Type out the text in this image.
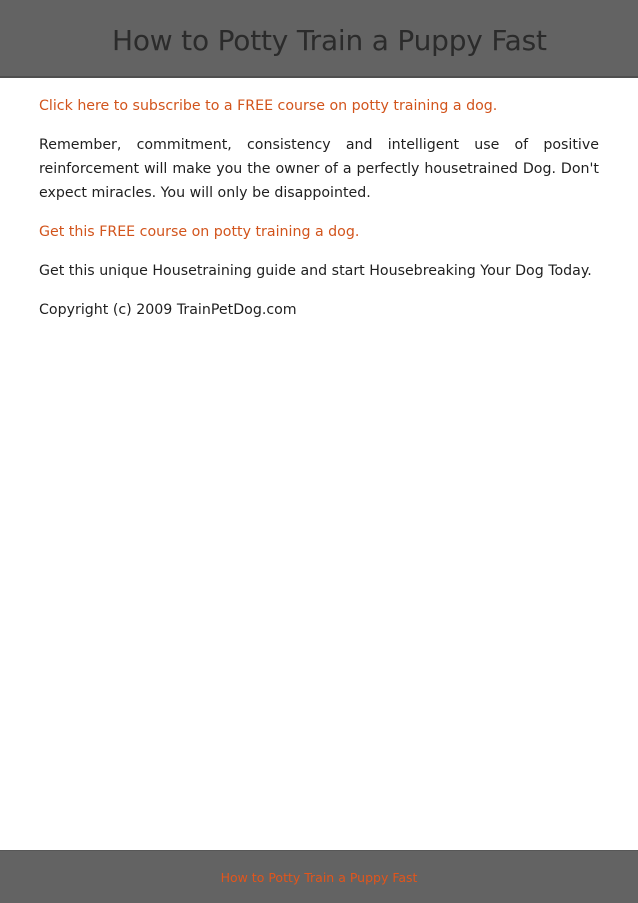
How to Potty Train a Puppy Fast

Click here to subscribe to a FREE course on potty training a dog.

Remember, commitment, consistency and intelligent use of positive reinforcement will make you the owner of a perfectly housetrained Dog. Don't expect miracles. You will only be disappointed.

Get this FREE course on potty training a dog.

Get this unique Housetraining guide and start Housebreaking Your Dog Today.

Copyright (c) 2009 TrainPetDog.com

How to Potty Train a Puppy Fast
